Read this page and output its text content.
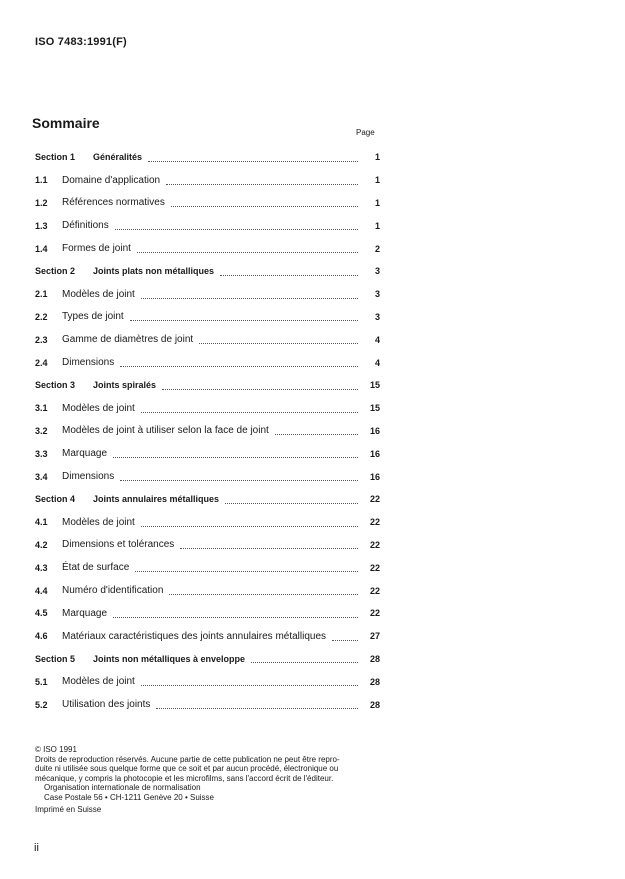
ISO 7483:1991(F)
Sommaire
Page
Section 1	Généralités	1
1.1	Domaine d'application	1
1.2	Références normatives	1
1.3	Définitions	1
1.4	Formes de joint	2
Section 2	Joints plats non métalliques	3
2.1	Modèles de joint	3
2.2	Types de joint	3
2.3	Gamme de diamètres de joint	4
2.4	Dimensions	4
Section 3	Joints spiralés	15
3.1	Modèles de joint	15
3.2	Modèles de joint à utiliser selon la face de joint	16
3.3	Marquage	16
3.4	Dimensions	16
Section 4	Joints annulaires métalliques	22
4.1	Modèles de joint	22
4.2	Dimensions et tolérances	22
4.3	État de surface	22
4.4	Numéro d'identification	22
4.5	Marquage	22
4.6	Matériaux caractéristiques des joints annulaires métalliques	27
Section 5	Joints non métalliques à enveloppe	28
5.1	Modèles de joint	28
5.2	Utilisation des joints	28
© ISO 1991
Droits de reproduction réservés. Aucune partie de cette publication ne peut être repro-
duite ni utilisée sous quelque forme que ce soit et par aucun procédé, électronique ou
mécanique, y compris la photocopie et les microfilms, sans l'accord écrit de l'éditeur.
Organisation internationale de normalisation
Case Postale 56 • CH-1211 Genève 20 • Suisse
Imprimé en Suisse
ii
